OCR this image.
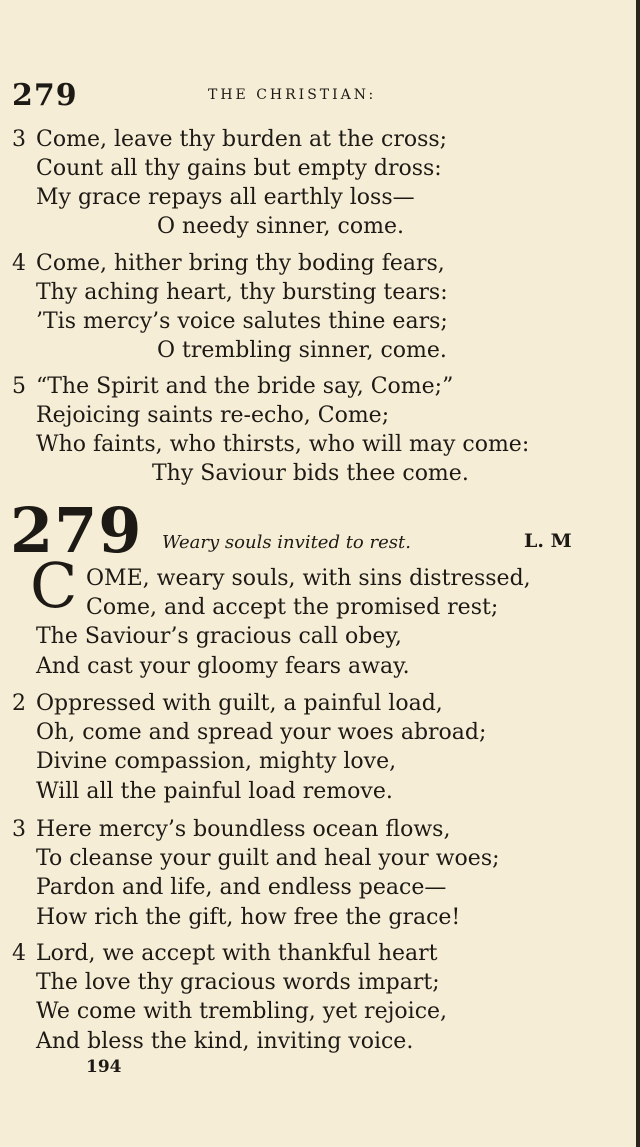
279	THE CHRISTIAN:
3 Come, leave thy burden at the cross;
Count all thy gains but empty dross:
My grace repays all earthly loss—
O needy sinner, come.
4 Come, hither bring thy boding fears,
Thy aching heart, thy bursting tears:
’Tis mercy’s voice salutes thine ears;
O trembling sinner, come.
5 “The Spirit and the bride say, Come;”
Rejoicing saints re-echo, Come;
Who faints, who thirsts, who will may come:
Thy Saviour bids thee come.
279 Weary souls invited to rest.	L. M
C OME, weary souls, with sins distressed,
Come, and accept the promised rest;
The Saviour’s gracious call obey,
And cast your gloomy fears away.
2 Oppressed with guilt, a painful load,
Oh, come and spread your woes abroad;
Divine compassion, mighty love,
Will all the painful load remove.
3 Here mercy’s boundless ocean flows,
To cleanse your guilt and heal your woes;
Pardon and life, and endless peace—
How rich the gift, how free the grace!
4 Lord, we accept with thankful heart
The love thy gracious words impart;
We come with trembling, yet rejoice,
And bless the kind, inviting voice.
194
